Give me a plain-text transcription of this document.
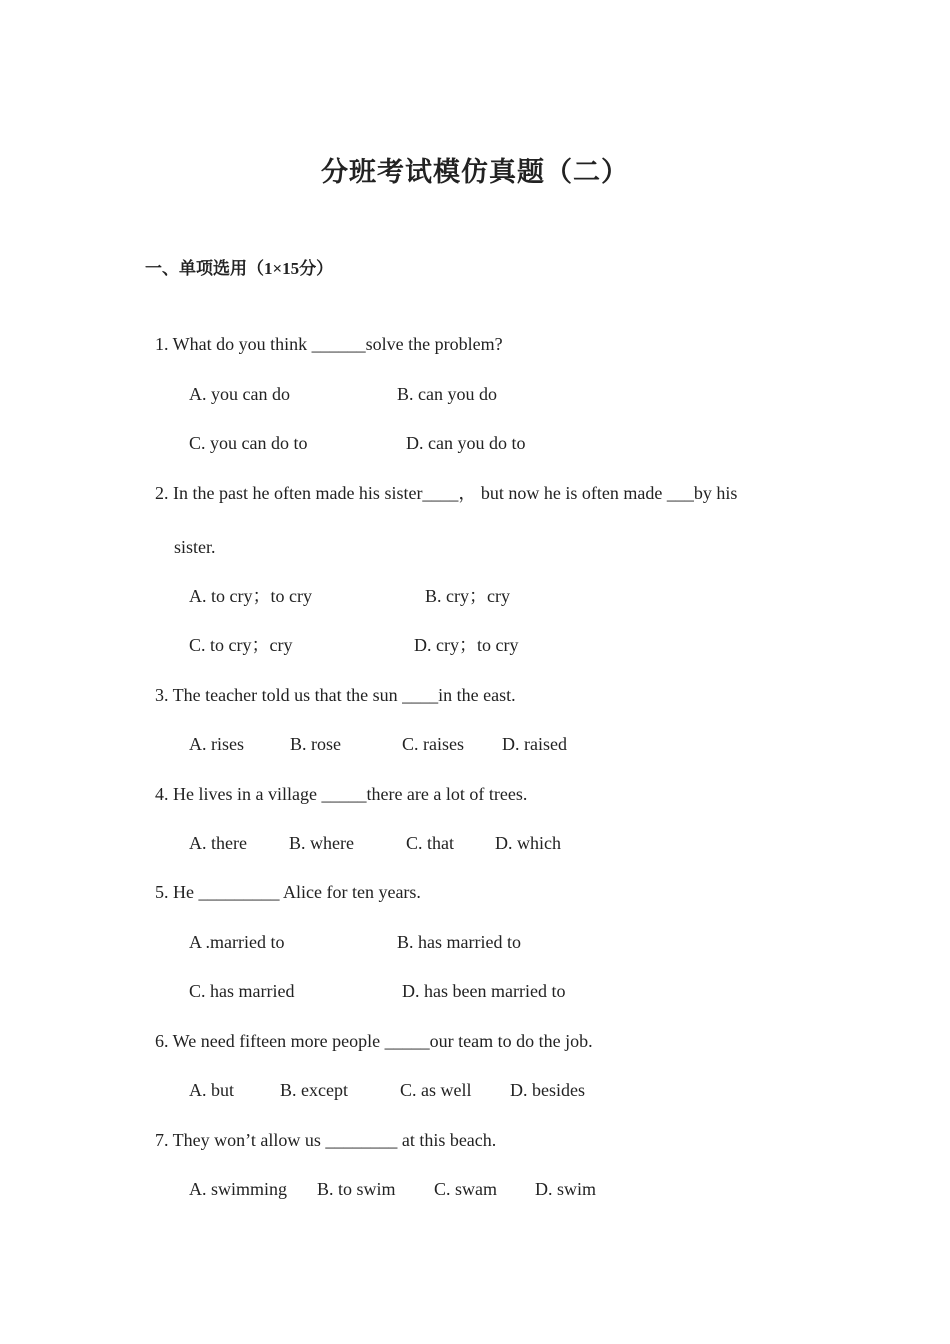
分班考试模仿真题（二）
一、单项选用（1×15分）
1. What do you think ______solve the problem?
A. you can do	B. can you do
C. you can do to	D. can you do to
2. In the past he often made his sister____， but now he is often made ___by his
sister.
A. to cry；to cry	B. cry；cry
C. to cry；cry	D. cry；to cry
3. The teacher told us that the sun ____in the east.
A. rises	B. rose	C. raises D. raised
4. He lives in a village _____there are a lot of trees.
A. there B. where	C. that D. which
5. He _________ Alice for ten years.
A .married to	B. has married to
C. has married	D. has been married to
6. We need fifteen more people _____our team to do the job.
A. but	B. except	C. as well D. besides
7. They won’t allow us ________ at this beach.
A. swimming B. to swim C. swam D. swim
